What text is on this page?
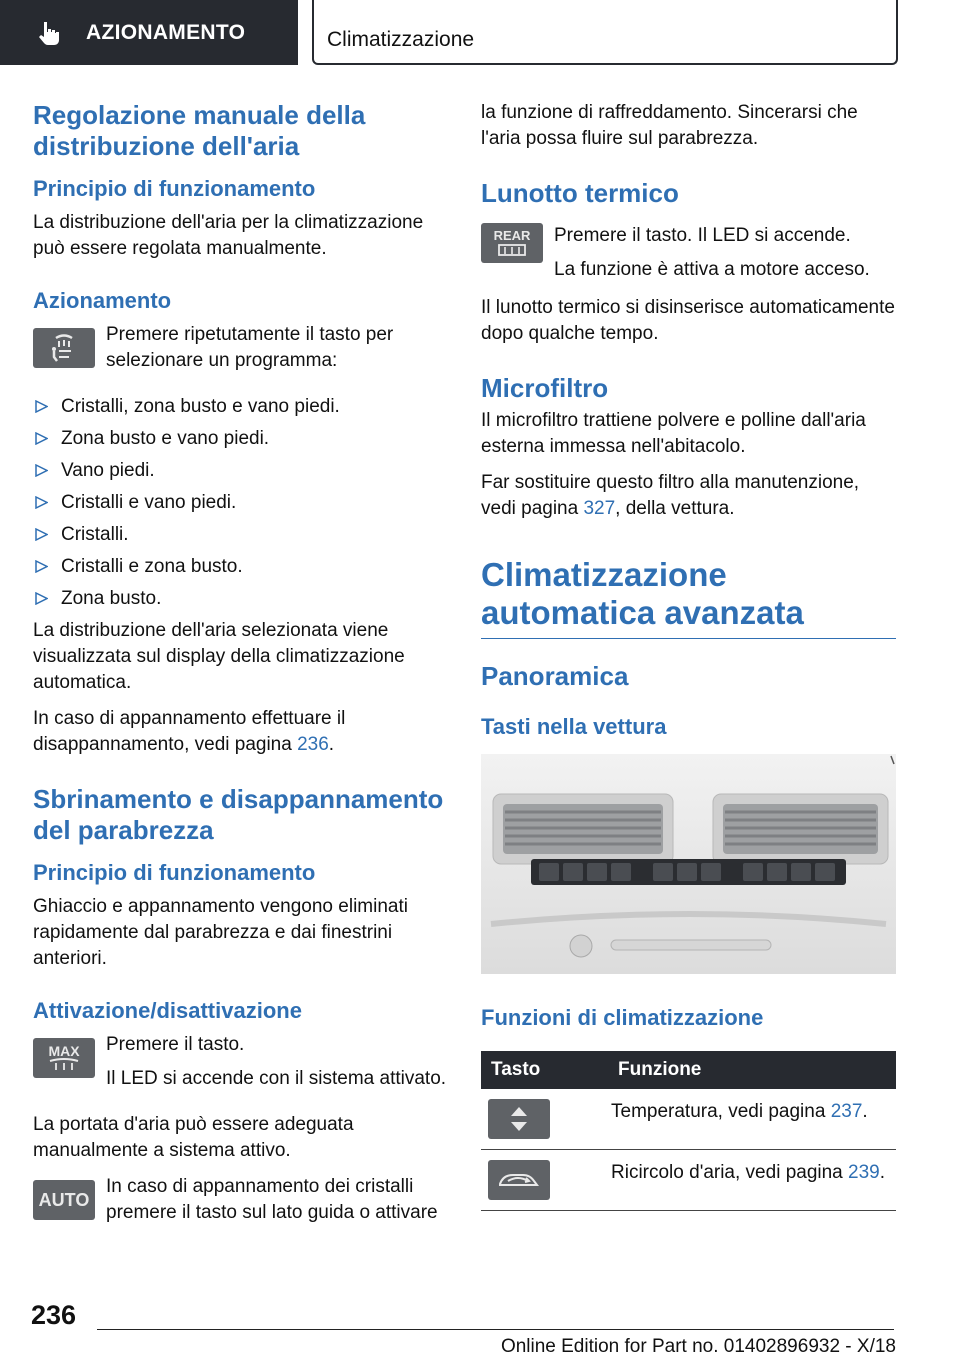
AZIONAMENTO	Climatizzazione
Regolazione manuale della distribuzione dell'aria
Principio di funzionamento

La distribuzione dell'aria per la climatizzazione può essere regolata manualmente.

Azionamento

Premere ripetutamente il tasto per selezionare un programma:

Cristalli, zona busto e vano piedi.
Zona busto e vano piedi.
Vano piedi.
Cristalli e vano piedi.
Cristalli.
Cristalli e zona busto.
Zona busto.

La distribuzione dell'aria selezionata viene visualizzata sul display della climatizzazione automatica.

In caso di appannamento effettuare il disappannamento, vedi pagina 236.

Sbrinamento e disappannamento del parabrezza
Principio di funzionamento

Ghiaccio e appannamento vengono eliminati rapidamente dal parabrezza e dai finestrini anteriori.

Attivazione/disattivazione
MAX Premere il tasto.

Il LED si accende con il sistema attivato.

La portata d'aria può essere adeguata manualmente a sistema attivo.

AUTO

In caso di appannamento dei cristalli premere il tasto sul lato guida o attivare

la funzione di raffreddamento. Sincerarsi che l'aria possa fluire sul parabrezza.

Lunotto termico
REAR Premere il tasto. Il LED si accende.

La funzione è attiva a motore acceso.

Il lunotto termico si disinserisce automaticamente dopo qualche tempo.

Microfiltro

Il microfiltro trattiene polvere e polline dall'aria esterna immessa nell'abitacolo.

Far sostituire questo filtro alla manutenzione, vedi pagina 327, della vettura.

Climatizzazione automatica avanzata
Panoramica
Tasti nella vettura
Funzioni di climatizzazione
Tasto	Funzione

	Temperatura, vedi pagina 237.

	Ricircolo d'aria, vedi pagina 239.
236
Online Edition for Part no. 01402896932 - X/18
